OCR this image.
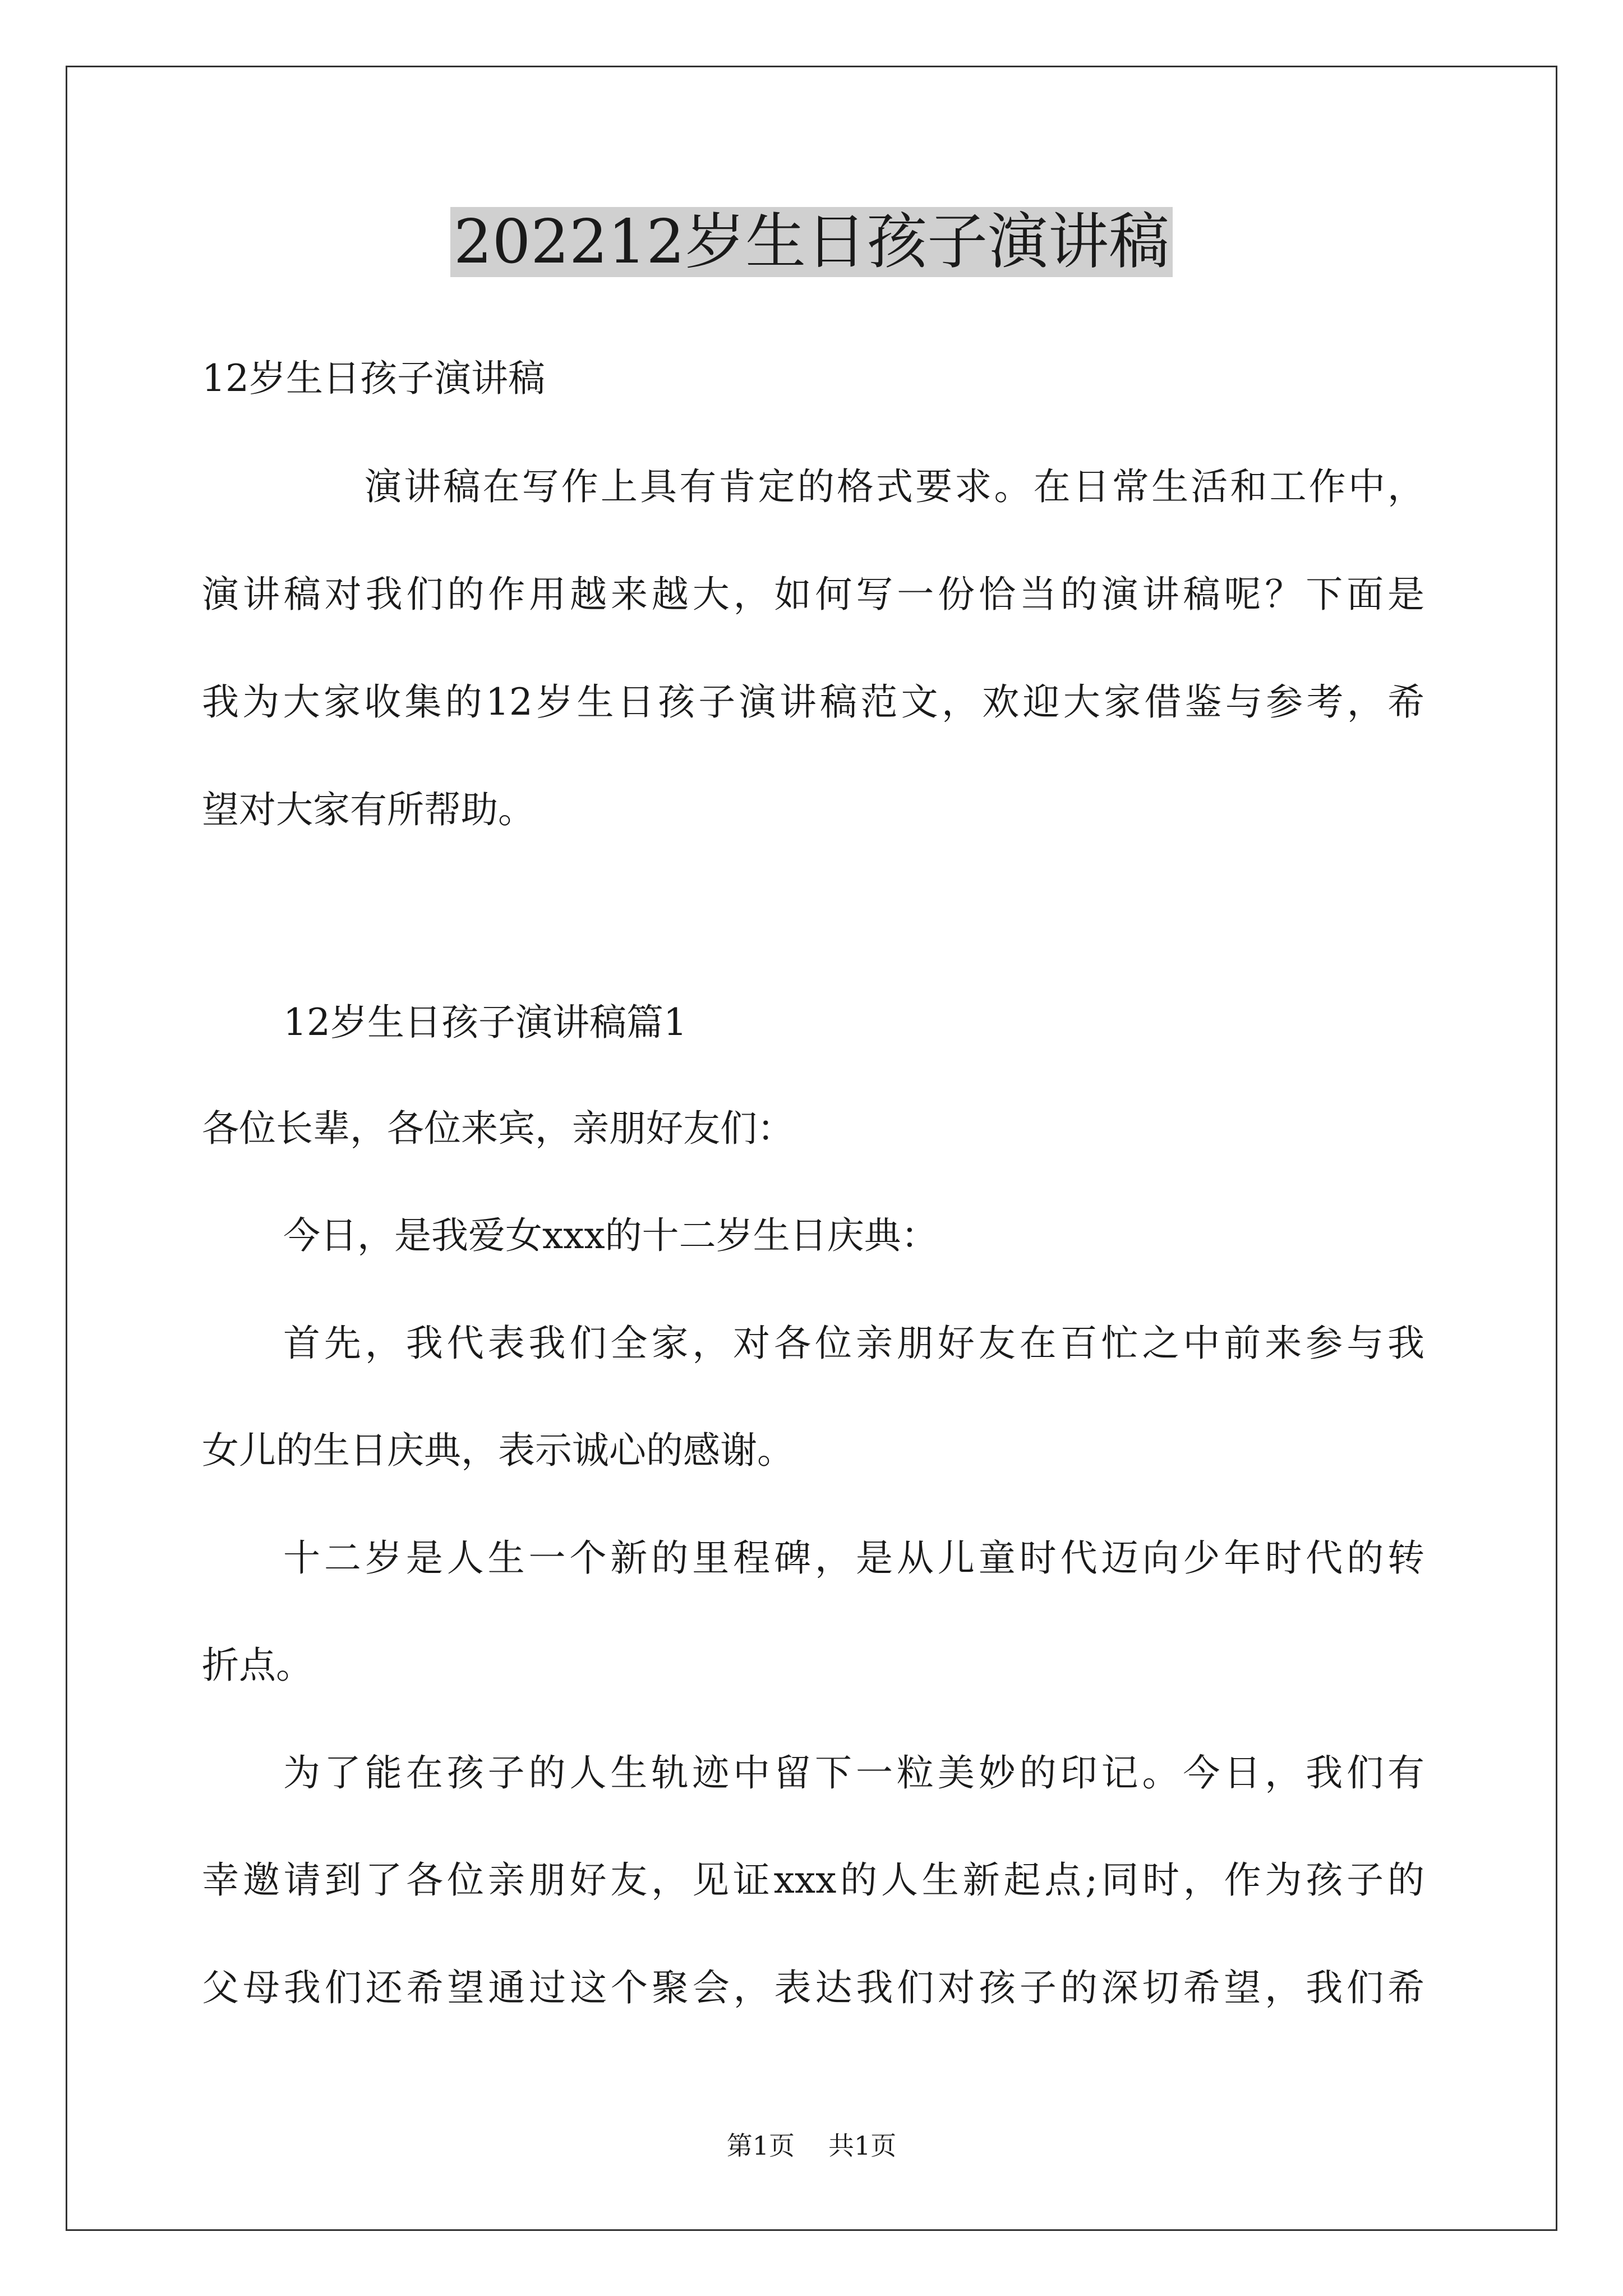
202212岁生日孩子演讲稿
12岁生日孩子演讲稿
演讲稿在写作上具有肯定的格式要求。在日常生活和工作中，
演讲稿对我们的作用越来越大，如何写一份恰当的演讲稿呢？下面是
我为大家收集的12岁生日孩子演讲稿范文，欢迎大家借鉴与参考，希
望对大家有所帮助。
12岁生日孩子演讲稿篇1
各位长辈，各位来宾，亲朋好友们：
今日，是我爱女xxx的十二岁生日庆典：
首先，我代表我们全家，对各位亲朋好友在百忙之中前来参与我
女儿的生日庆典，表示诚心的感谢。
十二岁是人生一个新的里程碑，是从儿童时代迈向少年时代的转
折点。
为了能在孩子的人生轨迹中留下一粒美妙的印记。今日，我们有
幸邀请到了各位亲朋好友，见证xxx的人生新起点;同时，作为孩子的
父母我们还希望通过这个聚会，表达我们对孩子的深切希望，我们希
第1页 共1页
